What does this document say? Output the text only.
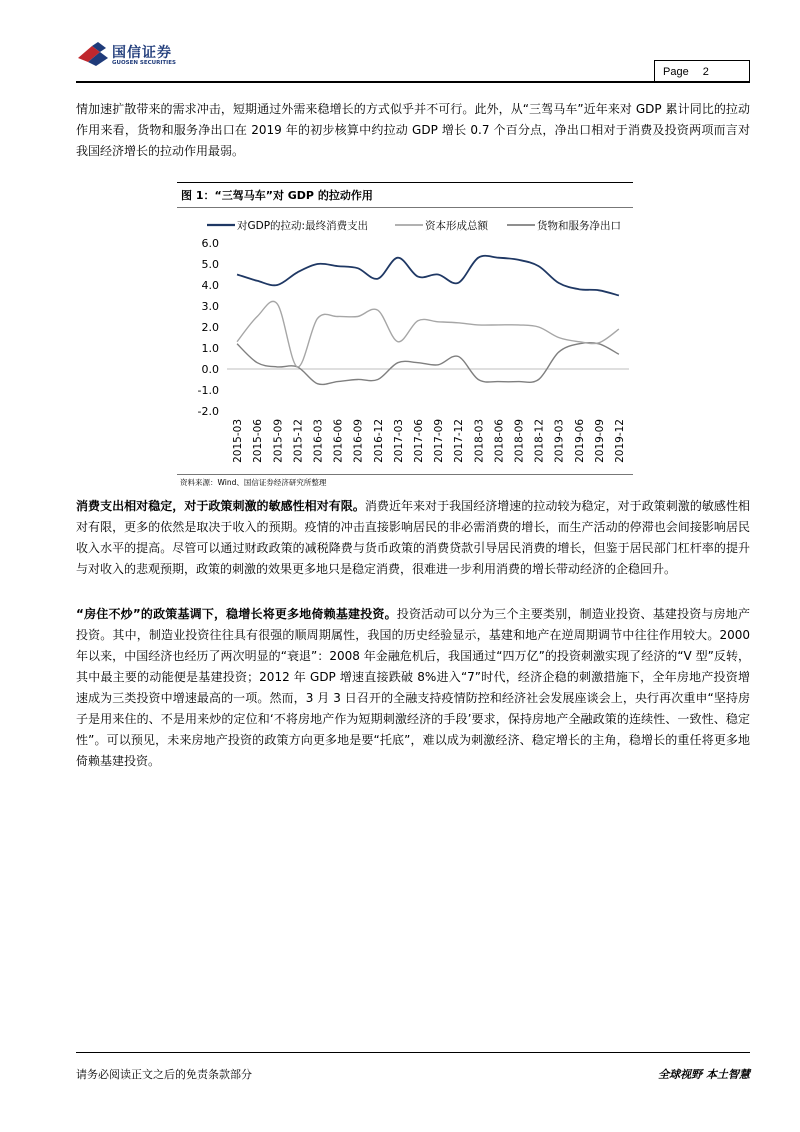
国信证券
GUOSEN SECURITIES
Page 2

情加速扩散带来的需求冲击，短期通过外需来稳增长的方式似乎并不可行。此外，从“三驾马车”近年来对 GDP 累计同比的拉动作用来看，货物和服务净出口在 2019 年的初步核算中约拉动 GDP 增长 0.7 个百分点，净出口相对于消费及投资两项而言对我国经济增长的拉动作用最弱。

图 1：“三驾马车”对 GDP 的拉动作用
对GDP的拉动:最终消费支出	资本形成总额	货物和服务净出口
6.0
5.0
4.0
3.0
2.0
1.0
0.0
-1.0
-2.0
2015-03 2015-06 2015-09 2015-12 2016-03 2016-06 2016-09 2016-12 2017-03 2017-06 2017-09 2017-12 2018-03 2018-06 2018-09 2018-12 2019-03 2019-06 2019-09 2019-12
资料来源：Wind、国信证券经济研究所整理

消费支出相对稳定，对于政策刺激的敏感性相对有限。消费近年来对于我国经济增速的拉动较为稳定，对于政策刺激的敏感性相对有限，更多的依然是取决于收入的预期。疫情的冲击直接影响居民的非必需消费的增长，而生产活动的停滞也会间接影响居民收入水平的提高。尽管可以通过财政政策的减税降费与货币政策的消费贷款引导居民消费的增长，但鉴于居民部门杠杆率的提升与对收入的悲观预期，政策的刺激的效果更多地只是稳定消费，很难进一步利用消费的增长带动经济的企稳回升。

“房住不炒”的政策基调下，稳增长将更多地倚赖基建投资。投资活动可以分为三个主要类别，制造业投资、基建投资与房地产投资。其中，制造业投资往往具有很强的顺周期属性，我国的历史经验显示，基建和地产在逆周期调节中往往作用较大。2000 年以来，中国经济也经历了两次明显的“衰退”：2008 年金融危机后，我国通过“四万亿”的投资刺激实现了经济的“V 型”反转，其中最主要的动能便是基建投资；2012 年 GDP 增速直接跌破 8%进入“7”时代，经济企稳的刺激措施下，全年房地产投资增速成为三类投资中增速最高的一项。然而，3 月 3 日召开的全融支持疫情防控和经济社会发展座谈会上，央行再次重申“坚持房子是用来住的、不是用来炒的定位和‘不将房地产作为短期刺激经济的手段’要求，保持房地产全融政策的连续性、一致性、稳定性”。可以预见，未来房地产投资的政策方向更多地是要“托底”，难以成为刺激经济、稳定增长的主角，稳增长的重任将更多地倚赖基建投资。

请务必阅读正文之后的免责条款部分	全球视野 本土智慧
